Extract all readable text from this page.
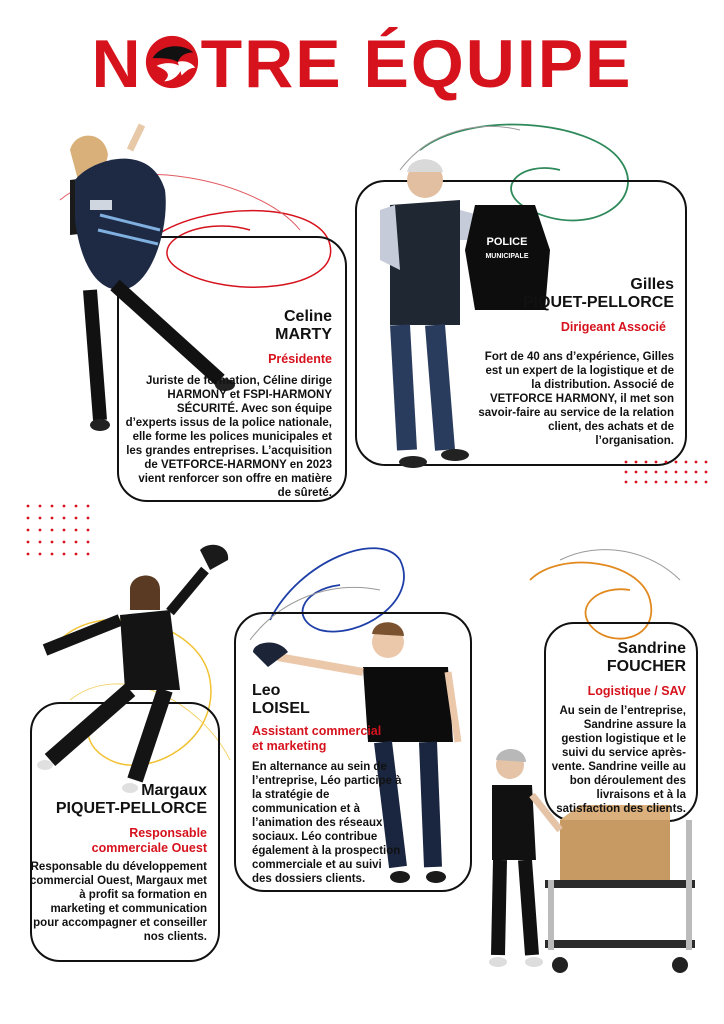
N TRE ÉQUIPE
Celine
MARTY
Présidente
Juriste de formation, Céline dirige HARMONY et FSPI-HARMONY SÉCURITÉ. Avec son équipe d’experts issus de la police nationale, elle forme les polices municipales et les grandes entreprises. L’acquisition de VETFORCE-HARMONY en 2023 vient renforcer son offre en matière de sûreté.
POLICE
MUNICIPALE
Gilles
PIQUET-PELLORCE
Dirigeant Associé
Fort de 40 ans d’expérience, Gilles est un expert de la logistique et de la distribution. Associé de VETFORCE HARMONY, il met son savoir-faire au service de la relation client, des achats et de l’organisation.
Margaux
PIQUET-PELLORCE
Responsable commerciale Ouest
Responsable du développement commercial Ouest, Margaux met à profit sa formation en marketing et communication pour accompagner et conseiller nos clients.
Leo
LOISEL
Assistant commercial et marketing
En alternance au sein de l’entreprise, Léo participe à la stratégie de communication et à l’animation des réseaux sociaux. Léo contribue également à la prospection commerciale et au suivi des dossiers clients.
Sandrine
FOUCHER
Logistique / SAV
Au sein de l’entreprise, Sandrine assure la gestion logistique et le suivi du service après-vente. Sandrine veille au bon déroulement des livraisons et à la satisfaction des clients.
